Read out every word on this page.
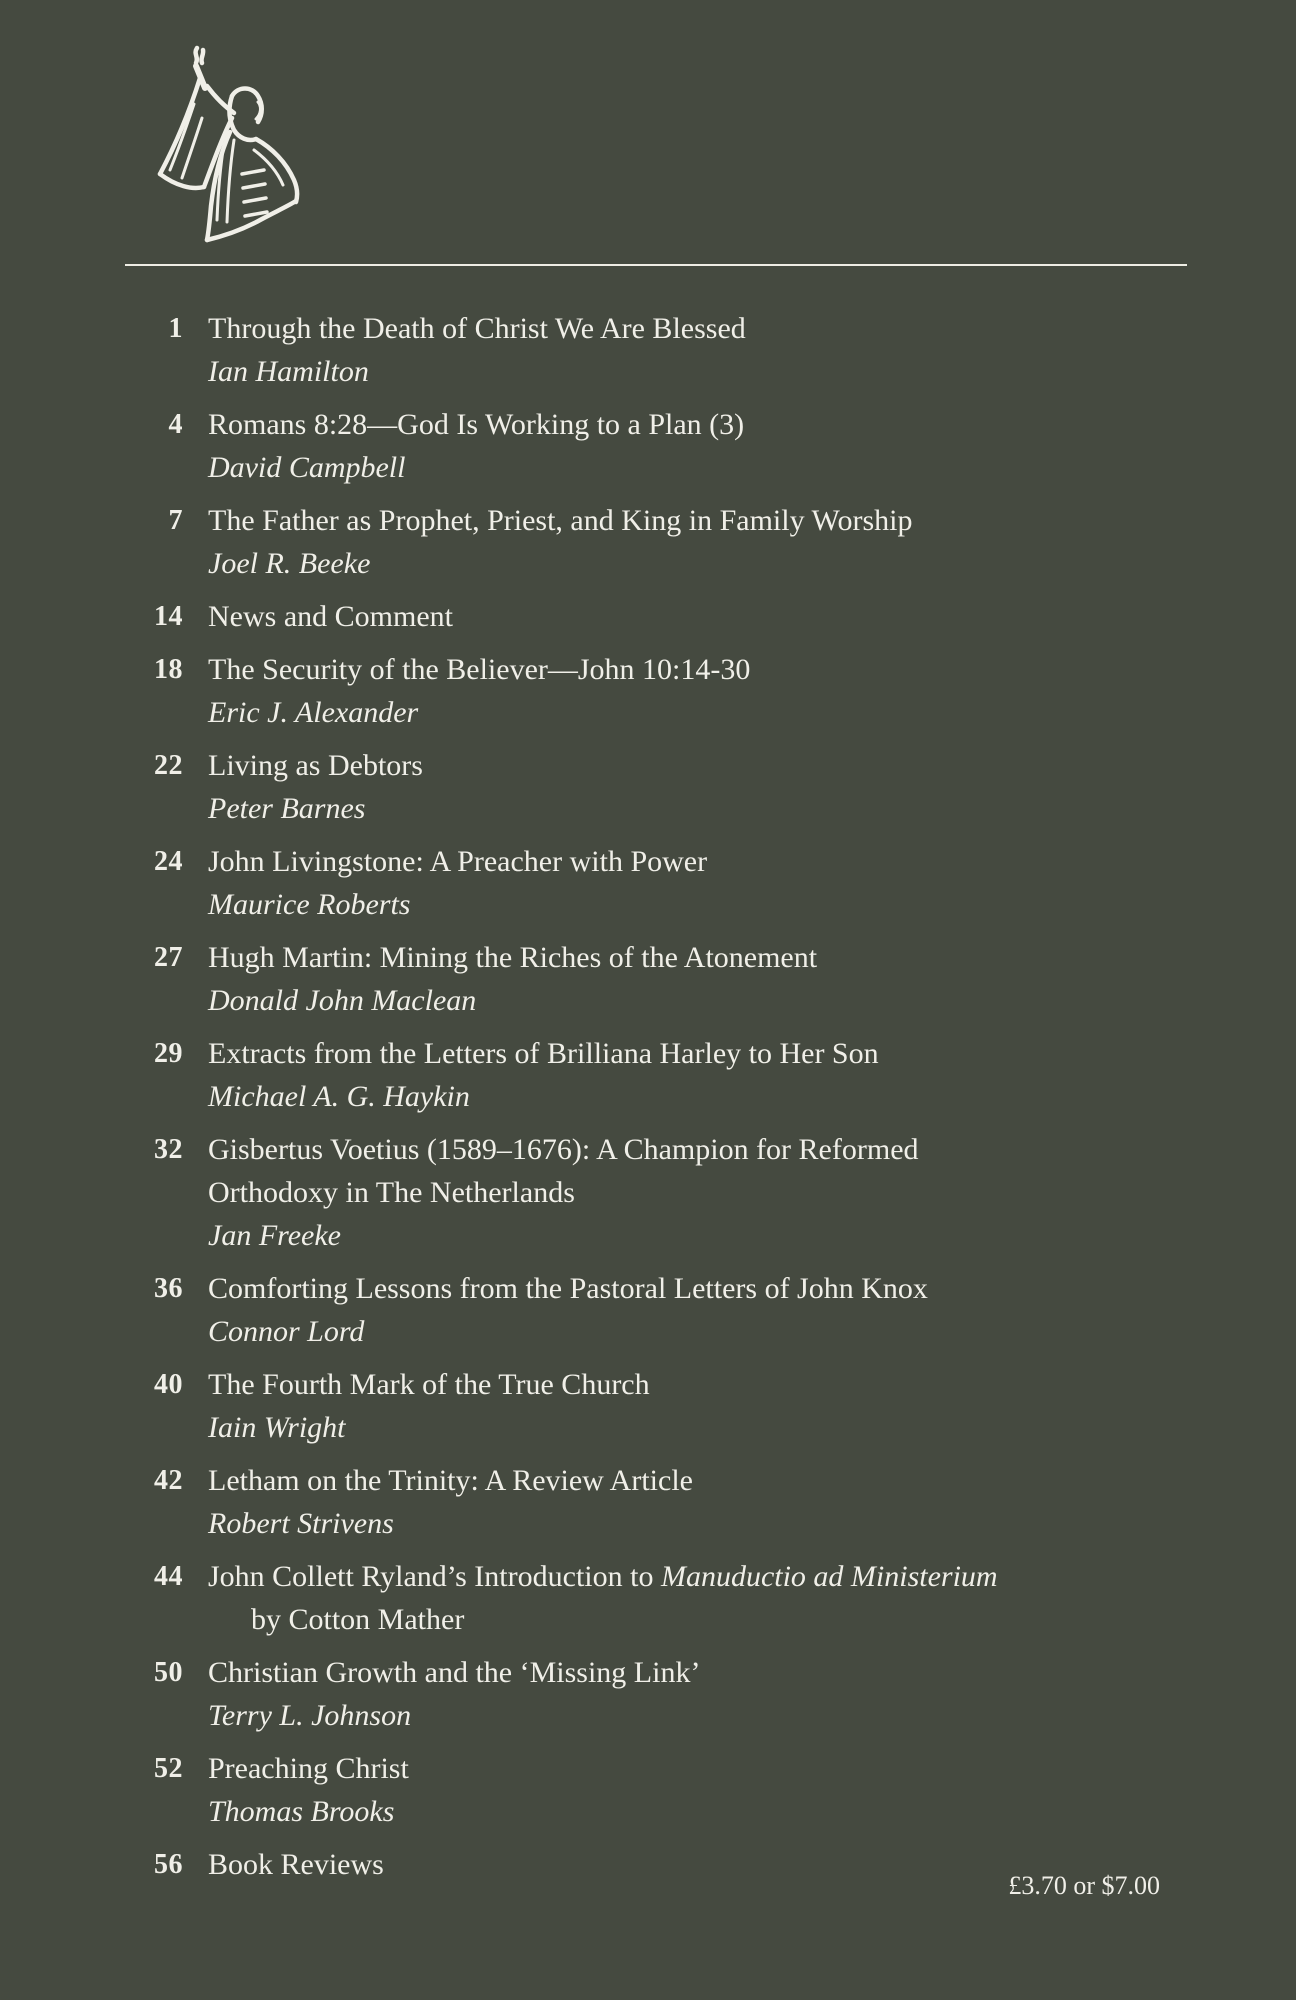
1 Through the Death of Christ We Are Blessed
Ian Hamilton
4 Romans 8:28—God Is Working to a Plan (3)
David Campbell
7 The Father as Prophet, Priest, and King in Family Worship
Joel R. Beeke
14 News and Comment
18 The Security of the Believer—John 10:14-30
Eric J. Alexander
22 Living as Debtors
Peter Barnes
24 John Livingstone: A Preacher with Power
Maurice Roberts
27 Hugh Martin: Mining the Riches of the Atonement
Donald John Maclean
29 Extracts from the Letters of Brilliana Harley to Her Son
Michael A. G. Haykin
32 Gisbertus Voetius (1589–1676): A Champion for Reformed
Orthodoxy in The Netherlands
Jan Freeke
36 Comforting Lessons from the Pastoral Letters of John Knox
Connor Lord
40 The Fourth Mark of the True Church
Iain Wright
42 Letham on the Trinity: A Review Article
Robert Strivens
44 John Collett Ryland’s Introduction to Manuductio ad Ministerium
by Cotton Mather
50 Christian Growth and the ‘Missing Link’
Terry L. Johnson
52 Preaching Christ
Thomas Brooks
56 Book Reviews
£3.70 or $7.00
